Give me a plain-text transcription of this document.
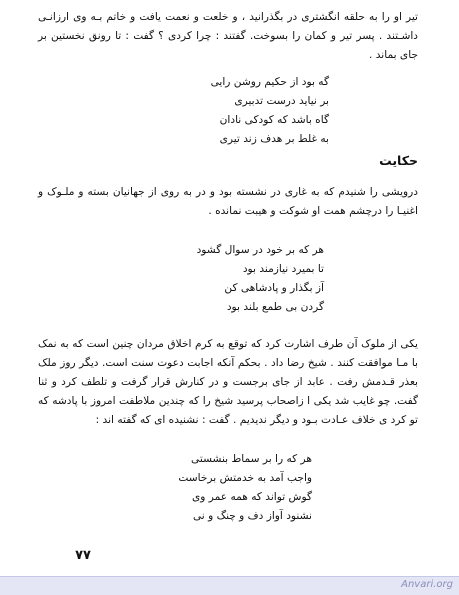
تیر او را به حلقه انگشتری در بگذرانید ، و خلعت و نعمت یافت و خاتم بـه وی ارزانـی داشـتند . پسر تیر و کمان را بسوخت. گفتند : چرا کردی ؟ گفت : تا رونق نخستین بر جای بماند .

گه بود از حکیم روشن رایی
بر نیاید درست تدبیری
گاه باشد که کودکی نادان
به غلط بر هدف زند تیری
حکایت

درویشی را شنیدم که به غاری در نشسته بود و در به روی از جهانیان بسته و ملـوک و اغنیـا را درچشم همت او شوکت و هیبت نمانده .

هر که بر خود در سوال گشود
تا بمیرد نیازمند بود
آز بگذار و پادشاهی کن
گردن بی طمع بلند بود

یکی از ملوک آن طرف اشارت کرد که توقع به کرم اخلاق مردان چنین است که به نمک با مـا موافقت کنند . شیخ رضا داد . بحکم آنکه اجابت دعوت سنت است. دیگر روز ملک بعذر قـدمش رفت . عابد از جای برجست و در کنارش قرار گرفت و تلطف کرد و ثنا گفت. چو غایب شد یکی ا زاصحاب پرسید شیخ را که چندین ملاطفت امروز با پادشه که تو کرد ی خلاف عـادت بـود و دیگر ندیدیم . گفت : نشنیده ای که گفته اند :

هر که را بر سماط بنشستی
واجب آمد به خدمتش برخاست
گوش تواند که همه عمر وی
نشنود آواز دف و چنگ و نی
۷۷
Anvari.org
